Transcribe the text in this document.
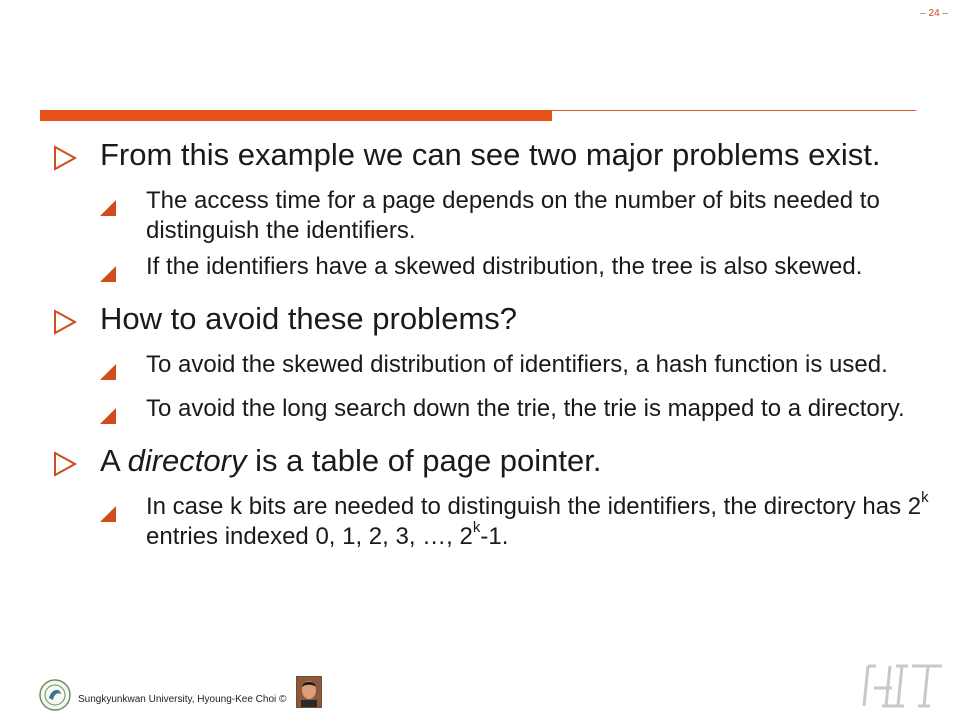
– 24 –
From this example we can see two major problems exist.
The access time for a page depends on the number of bits needed to distinguish the identifiers.
If the identifiers have a skewed distribution, the tree is also skewed.
How to avoid these problems?
To avoid the skewed distribution of identifiers, a hash function is used.
To avoid the long search down the trie, the trie is mapped to a directory.
A directory is a table of page pointer.
In case k bits are needed to distinguish the identifiers, the directory has 2$^k$ entries indexed 0, 1, 2, 3, …, 2$^k$-1.
Sungkyunkwan University, Hyoung-Kee Choi ©
